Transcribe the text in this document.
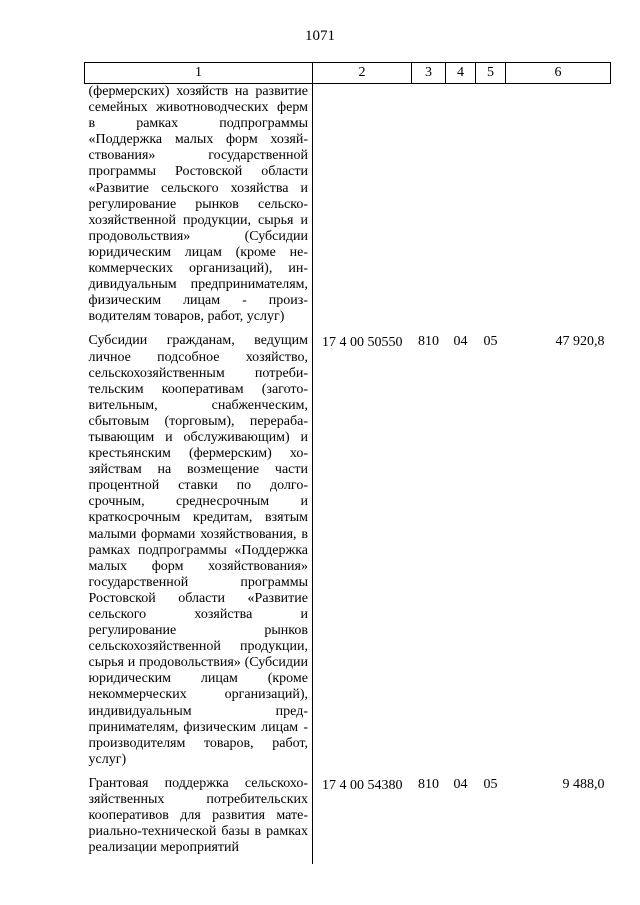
1071
1	2	3	4	5	6
(фермерских) хозяйств на развитие семейных животноводческих ферм в рамках подпрограммы «Поддержка малых форм хозяйствования» государственной программы Ростовской области «Развитие сельского хозяйства и регулирование рынков сельскохозяйственной продукции, сырья и продовольствия» (Субсидии юридическим лицам (кроме некоммерческих организаций), индивидуальным предпринимателям, физическим лицам - производителям товаров, работ, услуг)					
Субсидии гражданам, ведущим личное подсобное хозяйство, сельскохозяйственным потребительским кооперативам (заготовительным, снабженческим, сбытовым (торговым), перерабатывающим и обслуживающим) и крестьянским (фермерским) хозяйствам на возмещение части процентной ставки по долгосрочным, среднесрочным и краткосрочным кредитам, взятым малыми формами хозяйствования, в рамках подпрограммы «Поддержка малых форм хозяйствования» государственной программы Ростовской области «Развитие сельского хозяйства и регулирование рынков сельскохозяйственной продукции, сырья и продовольствия» (Субсидии юридическим лицам (кроме некоммерческих организаций), индивидуальным предпринимателям, физическим лицам - производителям товаров, работ, услуг)	17 4 00 50550	810	04	05	47 920,8
Грантовая поддержка сельскохозяйственных потребительских кооперативов для развития материально-технической базы в рамках реализации мероприятий	17 4 00 54380	810	04	05	9 488,0
